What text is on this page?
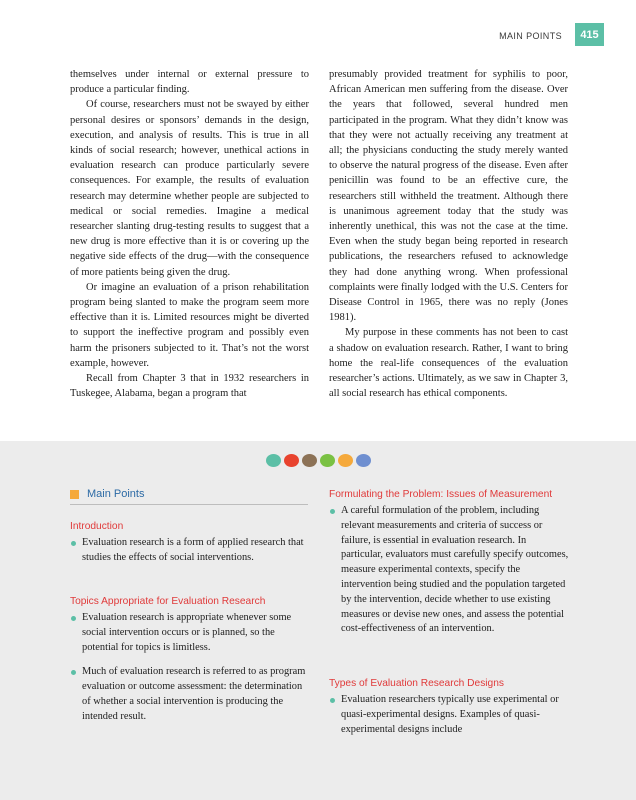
MAIN POINTS	415

themselves under internal or external pressure to produce a particular finding.

Of course, researchers must not be swayed by either personal desires or sponsors’ demands in the design, execution, and analysis of results. This is true in all kinds of social research; however, unethical actions in evaluation research can produce particularly severe consequences. For example, the results of evaluation research may determine whether people are subjected to medical or social remedies. Imagine a medical researcher slanting drug-testing results to suggest that a new drug is more effective than it is or covering up the negative side effects of the drug—with the consequence of more patients being given the drug.

Or imagine an evaluation of a prison rehabilitation program being slanted to make the program seem more effective than it is. Limited resources might be diverted to support the ineffective program and possibly even harm the prisoners subjected to it. That’s not the worst example, however.

Recall from Chapter 3 that in 1932 researchers in Tuskegee, Alabama, began a program that

presumably provided treatment for syphilis to poor, African American men suffering from the disease. Over the years that followed, several hundred men participated in the program. What they didn’t know was that they were not actually receiving any treatment at all; the physicians conducting the study merely wanted to observe the natural progress of the disease. Even after penicillin was found to be an effective cure, the researchers still withheld the treatment. Although there is unanimous agreement today that the study was inherently unethical, this was not the case at the time. Even when the study began being reported in research publications, the researchers refused to acknowledge they had done anything wrong. When professional complaints were finally lodged with the U.S. Centers for Disease Control in 1965, there was no reply (Jones 1981).

My purpose in these comments has not been to cast a shadow on evaluation research. Rather, I want to bring home the real-life consequences of the evaluation researcher’s actions. Ultimately, as we saw in Chapter 3, all social research has ethical components.

Main Points
Introduction

Evaluation research is a form of applied research that studies the effects of social interventions.

Topics Appropriate for Evaluation Research

Evaluation research is appropriate whenever some social intervention occurs or is planned, so the potential for topics is limitless.

Much of evaluation research is referred to as program evaluation or outcome assessment: the determination of whether a social intervention is producing the intended result.

Formulating the Problem: Issues of Measurement

A careful formulation of the problem, including relevant measurements and criteria of success or failure, is essential in evaluation research. In particular, evaluators must carefully specify outcomes, measure experimental contexts, specify the intervention being studied and the population targeted by the intervention, decide whether to use existing measures or devise new ones, and assess the potential cost-effectiveness of an intervention.

Types of Evaluation Research Designs

Evaluation researchers typically use experimental or quasi-experimental designs. Examples of quasi-experimental designs include
